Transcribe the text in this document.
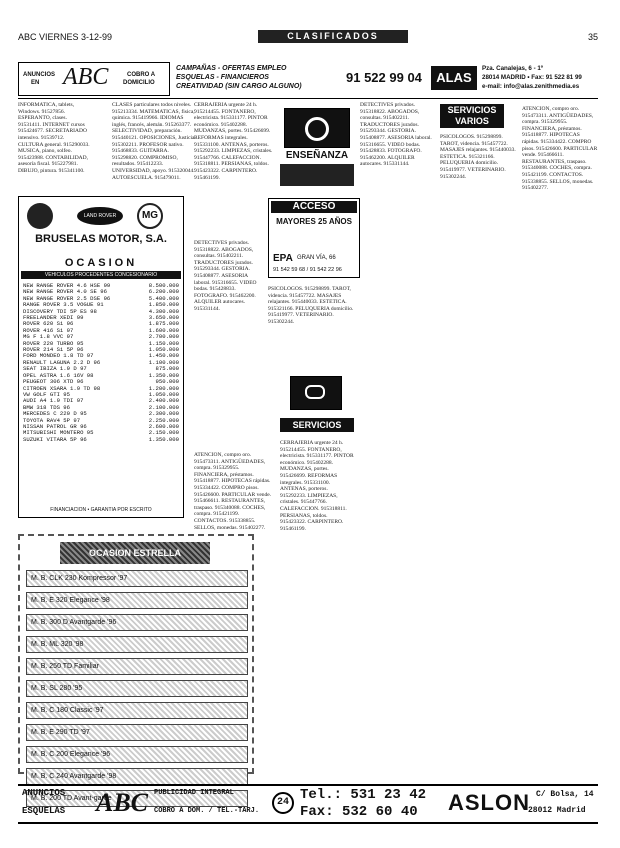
ABC VIERNES 3-12-99	CLASIFICADOS	35
ANUNCIOS
EN ABC	COBRO A
DOMICILIO
CAMPAÑAS - OFERTAS EMPLEO
ESQUELAS - FINANCIEROS
CREATIVIDAD (SIN CARGO ALGUNO)
91 522 99 04	ALAS
Pza. Canalejas, 6 - 1º
28014 MADRID • Fax: 91 522 81 99
e-mail: info@alas.zenithmedia.es
INFORMATICA, tablets, Windows. 91527856. ESPERANTO, clases. 91531411. INTERNET cursos 915424677. SECRETARIADO intensivo. 91539712. CULTURA general. 915290033. MUSICA, piano, solfeo. 915423988. CONTABILIDAD, asesoría fiscal. 915227981. DIBUJO, pintura. 915341100.
CLASES particulares todos niveles. 915213334. MATEMATICAS, fisica, quimica. 915419966. IDIOMAS inglés, francés, alemán. 915263377. SELECTIVIDAD, preparación. 915440121. OPOSICIONES, Justicia. 915302211. PROFESOR nativo. 915468833. GUITARRA. 915298820. COMPROMISO, resultados. 915412233. UNIVERSIDAD, apoyo. 915320044. AUTOESCUELA. 915479011.
LAND ROVER	MG
BRUSELAS MOTOR, S.A.
OCASION
VEHICULOS PROCEDENTES CONCESIONARIO
NEW RANGE ROVER 4.6 HSE 99	8.500.000
NEW RANGE ROVER 4.0 SE 96	6.200.000
NEW RANGE ROVER 2.5 DSE 96	5.400.000
RANGE ROVER 3.5 VOGUE 91	1.850.000
DISCOVERY TDI 5P ES 98	4.300.000
FREELANDER XEDI 99	3.650.000
ROVER 620 Si 96	1.875.000
ROVER 416 Si 97	1.600.000
MG F 1.8 VVC 97	2.700.000
ROVER 220 TURBO 95	1.150.000
ROVER 214 Si 5P 96	1.050.000
FORD MONDEO 1.8 TD 97	1.450.000
RENAULT LAGUNA 2.2 D 96	1.100.000
SEAT IBIZA 1.9 D 97	875.000
OPEL ASTRA 1.6 16V 98	1.350.000
PEUGEOT 306 XTD 96	950.000
CITROEN XSARA 1.9 TD 98	1.200.000
VW GOLF GTI 95	1.050.000
AUDI A4 1.9 TDI 97	2.400.000
BMW 318 TDS 96	2.100.000
MERCEDES C 220 D 95	2.300.000
TOYOTA RAV4 5P 97	2.250.000
NISSAN PATROL GR 96	2.600.000
MITSUBISHI MONTERO 95	2.150.000
SUZUKI VITARA 5P 96	1.350.000
FINANCIACION • GARANTIA POR ESCRITO
OCASION ESTRELLA
M. B. CLK 230 Kompressor '97
M. B. E 320 Elegance '98
M. B. 300 D Avantgarde '96
M. B. ML 320 '98
M. B. 250 TD Familiar
M. B. SL 280 '95
M. B. C 180 Classic '97
M. B. E 290 TD '97
M. B. C 200 Elegance '96
M. B. C 240 Avantgarde '98
M. B. 200 TD Avant-garde
CERRAJERIA urgente 24 h. 915214455. FONTANERO, electricista. 915331177. PINTOR económico. 915402288. MUDANZAS, portes. 915426699. REFORMAS integrales. 915331100. ANTENAS, porteros. 915292233. LIMPIEZAS, cristales. 915447766. CALEFACCION. 915318811. PERSIANAS, toldos. 915423322. CARPINTERO. 915461199.
ENSEÑANZA
ACCESO
MAYORES 25 AÑOS
EPA GRAN VÍA, 66
91 542 59 68 / 91 542 22 96
DETECTIVES privados. 915318822. ABOGADOS, consultas. 915402211. TRADUCTORES jurados. 915293344. GESTORIA. 915408877. ASESORIA laboral. 915316655. VIDEO bodas. 915428833. FOTOGRAFO. 915462200. ALQUILER autocares. 915331144.
PSICOLOGOS. 915298899. TAROT, videncia. 915457722. MASAJES relajantes. 915440033. ESTETICA. 915321166. PELUQUERIA domicilio. 915419977. VETERINARIO. 915302244.
SERVICIOS
ATENCION, compro oro. 915473311. ANTIGÜEDADES, compra. 915329955. FINANCIERA, préstamos. 915418877. HIPOTECAS rápidas. 915334422. COMPRO pisos. 915426600. PARTICULAR vende. 915466611. RESTAURANTES, traspaso. 915340088. COCHES, compra. 915421199. CONTACTOS. 915338855. SELLOS, monedas. 915402277.
CERRAJERIA urgente 24 h. 915214455. FONTANERO, electricista. 915331177. PINTOR económico. 915402288. MUDANZAS, portes. 915426699. REFORMAS integrales. 915331100. ANTENAS, porteros. 915292233. LIMPIEZAS, cristales. 915447766. CALEFACCION. 915318811. PERSIANAS, toldos. 915423322. CARPINTERO. 915461199.
DETECTIVES privados. 915318822. ABOGADOS, consultas. 915402211. TRADUCTORES jurados. 915293344. GESTORIA. 915408877. ASESORIA laboral. 915316655. VIDEO bodas. 915428833. FOTOGRAFO. 915462200. ALQUILER autocares. 915331144.
SERVICIOS
VARIOS
PSICOLOGOS. 915298899. TAROT, videncia. 915457722. MASAJES relajantes. 915440033. ESTETICA. 915321166. PELUQUERIA domicilio. 915419977. VETERINARIO. 915302244.
ATENCION, compro oro. 915473311. ANTIGÜEDADES, compra. 915329955. FINANCIERA, préstamos. 915418877. HIPOTECAS rápidas. 915334422. COMPRO pisos. 915426600. PARTICULAR vende. 915466611. RESTAURANTES, traspaso. 915340088. COCHES, compra. 915421199. CONTACTOS. 915338855. SELLOS, monedas. 915402277.
ANUNCIOS
ESQUELAS ABC PUBLICIDAD INTEGRAL
COBRO A DOM. / TEL.-TARJ.
24 Tel.: 531 23 42
Fax: 532 60 40 ASLON C/ Bolsa, 14
28012 Madrid
